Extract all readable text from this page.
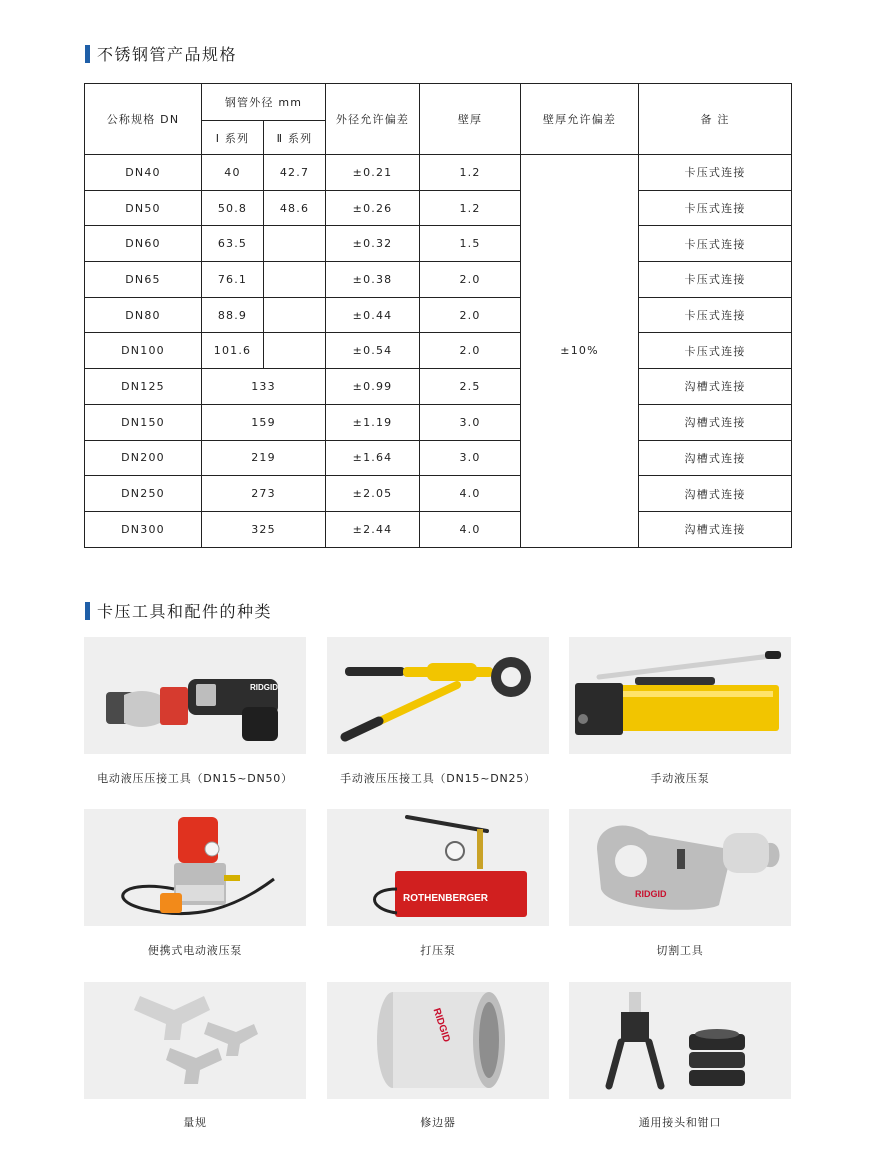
不锈钢管产品规格
公称规格 DN	钢管外径 mm		外径允许偏差	壁厚	壁厚允许偏差	备 注
	Ⅰ 系列	Ⅱ 系列				
DN40	40	42.7	±0.21	1.2	±10%	卡压式连接
DN50	50.8	48.6	±0.26	1.2		卡压式连接
DN60	63.5		±0.32	1.5		卡压式连接
DN65	76.1		±0.38	2.0		卡压式连接
DN80	88.9		±0.44	2.0		卡压式连接
DN100	101.6		±0.54	2.0		卡压式连接
DN125	133		±0.99	2.5		沟槽式连接
DN150	159		±1.19	3.0		沟槽式连接
DN200	219		±1.64	3.0		沟槽式连接
DN250	273		±2.05	4.0		沟槽式连接
DN300	325		±2.44	4.0		沟槽式连接
卡压工具和配件的种类
RIDGID
电动液压压接工具（DN15~DN50）	手动液压压接工具（DN15~DN25）	手动液压泵
便携式电动液压泵
ROTHENBERGER
打压泵
RIDGID
切割工具
量规
RIDGID
修边器	通用接头和钳口
